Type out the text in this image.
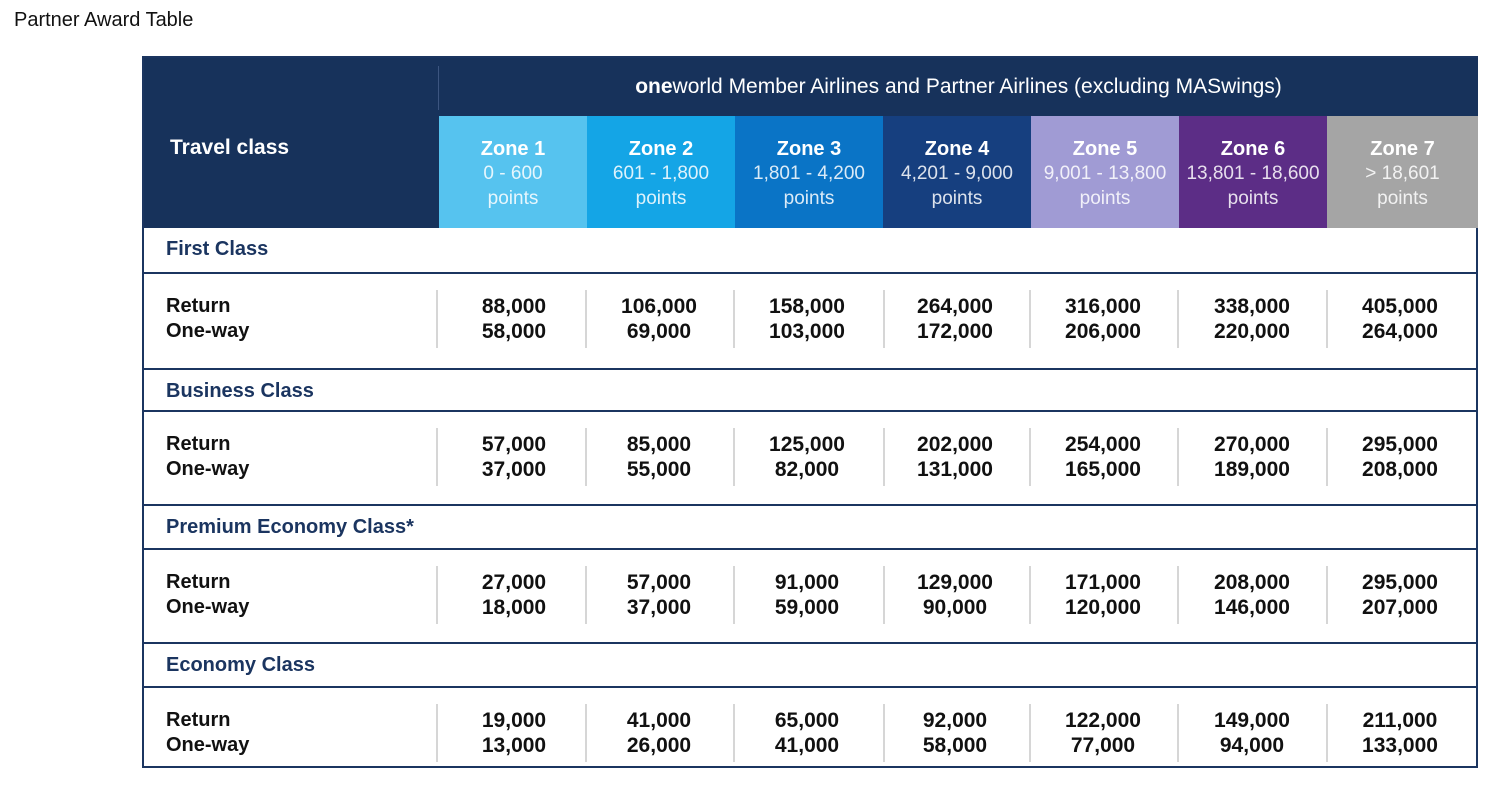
Partner Award Table
Travel class
one world Member Airlines and Partner Airlines (excluding MASwings)
Zone 1
0 - 600
points
Zone 2
601 - 1,800
points
Zone 3
1,801 - 4,200
points
Zone 4
4,201 - 9,000
points
Zone 5
9,001 - 13,800
points
Zone 6
13,801 - 18,600
points
Zone 7
> 18,601
points
First Class
Return
One-way
88,000
58,000
106,000
69,000
158,000
103,000
264,000
172,000
316,000
206,000
338,000
220,000
405,000
264,000
Business Class
Return
One-way
57,000
37,000
85,000
55,000
125,000
82,000
202,000
131,000
254,000
165,000
270,000
189,000
295,000
208,000
Premium Economy Class*
Return
One-way
27,000
18,000
57,000
37,000
91,000
59,000
129,000
90,000
171,000
120,000
208,000
146,000
295,000
207,000
Economy Class
Return
One-way
19,000
13,000
41,000
26,000
65,000
41,000
92,000
58,000
122,000
77,000
149,000
94,000
211,000
133,000
